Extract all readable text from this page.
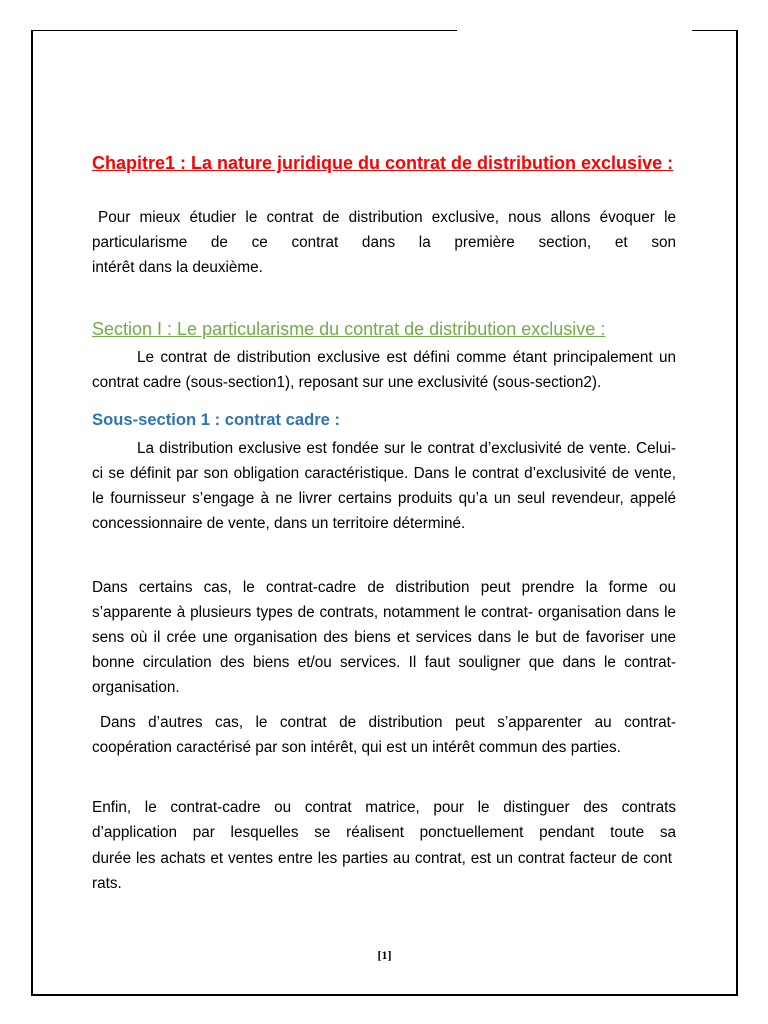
Chapitre1 : La nature juridique du contrat de distribution exclusive :
Pour mieux étudier le contrat de distribution exclusive, nous allons évoquer le
particularisme de ce contrat dans la première section, et son
intérêt dans la deuxième.
Section I : Le particularisme du contrat de distribution exclusive :
Le contrat de distribution exclusive est défini comme étant principalement un
contrat cadre (sous-section1), reposant sur une exclusivité (sous-section2).
Sous-section 1 : contrat cadre :
La distribution exclusive est fondée sur le contrat d’exclusivité de vente. Celui-
ci se définit par son obligation caractéristique. Dans le contrat d’exclusivité de vente,
le fournisseur s’engage à ne livrer certains produits qu’a un seul revendeur, appelé
concessionnaire de vente, dans un territoire déterminé.
Dans certains cas, le contrat-cadre de distribution peut prendre la forme ou
s’apparente à plusieurs types de contrats, notamment le contrat- organisation dans le
sens où il crée une organisation des biens et services dans le but de favoriser une
bonne circulation des biens et/ou services. Il faut souligner que dans le contrat-
organisation.
Dans d’autres cas, le contrat de distribution peut s’apparenter au contrat-
coopération caractérisé par son intérêt, qui est un intérêt commun des parties.
Enfin, le contrat-cadre ou contrat matrice, pour le distinguer des contrats
d’application par lesquelles se réalisent ponctuellement pendant toute sa
durée les achats et ventes entre les parties au contrat, est un contrat facteur de cont
rats.
[1]
